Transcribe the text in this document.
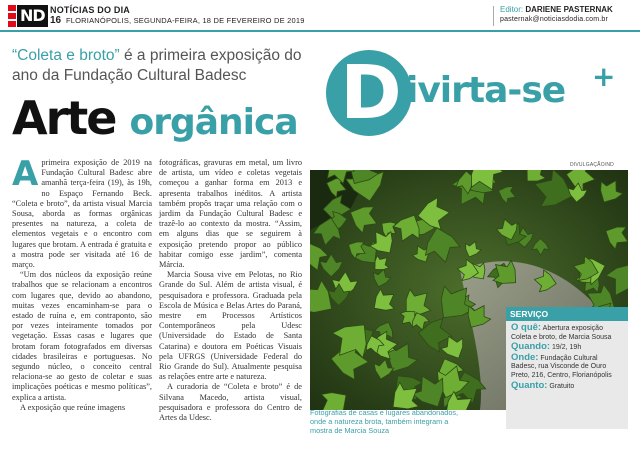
ND NOTÍCIAS DO DIA
16 FLORIANÓPOLIS, SEGUNDA-FEIRA, 18 DE FEVEREIRO DE 2019
Editor: DARIENE PASTERNAK
pasternak@noticiasdodia.com.br
“Coleta e broto” é a primeira exposição do ano da Fundação Cultural Badesc
Arte orgânica D ivirta-se +

A primeira exposição de 2019 na Fundação Cultural Badesc abre amanhã terça-feira (19), às 19h, no Espaço Fernando Beck. “Coleta e broto”, da artista visual Marcia Sousa, aborda as formas orgânicas presentes na natureza, a coleta de elementos vegetais e o encontro com lugares que brotam. A entrada é gratuita e a mostra pode ser visitada até 16 de março.

“Um dos núcleos da exposição reúne trabalhos que se relacionam a encontros com lugares que, devido ao abandono, muitas vezes encaminham-se para o estado de ruína e, em contraponto, são por vezes inteiramente tomados por vegetação. Essas casas e lugares que brotam foram fotografados em diversas cidades brasileiras e portuguesas. No segundo núcleo, o conceito central relaciona-se ao gesto de coletar e suas implicações poéticas e mesmo políticas”, explica a artista.

A exposição que reúne imagens

fotográficas, gravuras em metal, um livro de artista, um vídeo e coletas vegetais começou a ganhar forma em 2013 e apresenta trabalhos inéditos. A artista também propôs traçar uma relação com o jardim da Fundação Cultural Badesc e trazê-lo ao contexto da mostra. “Assim, em alguns dias que se seguirem à exposição pretendo propor ao público habitar comigo esse jardim”, comenta Márcia.

Marcia Sousa vive em Pelotas, no Rio Grande do Sul. Além de artista visual, é pesquisadora e professora. Graduada pela Escola de Música e Belas Artes do Paraná, mestre em Processos Artísticos Contemporâneos pela Udesc (Universidade do Estado de Santa Catarina) e doutora em Poéticas Visuais pela UFRGS (Universidade Federal do Rio Grande do Sul). Atualmente pesquisa as relações entre arte e natureza.

A curadoria de “Coleta e broto” é de Silvana Macedo, artista visual, pesquisadora e professora do Centro de Artes da Udesc.

DIVULGAÇÃO/ND
Fotografias de casas e lugares abandonados, onde a natureza brota, também integram a mostra de Marcia Souza
SERVIÇO
O quê: Abertura exposição Coleta e broto, de Marcia Sousa
Quando: 19/2, 19h
Onde: Fundação Cultural Badesc, rua Visconde de Ouro Preto, 216, Centro, Florianópolis
Quanto: Gratuito
